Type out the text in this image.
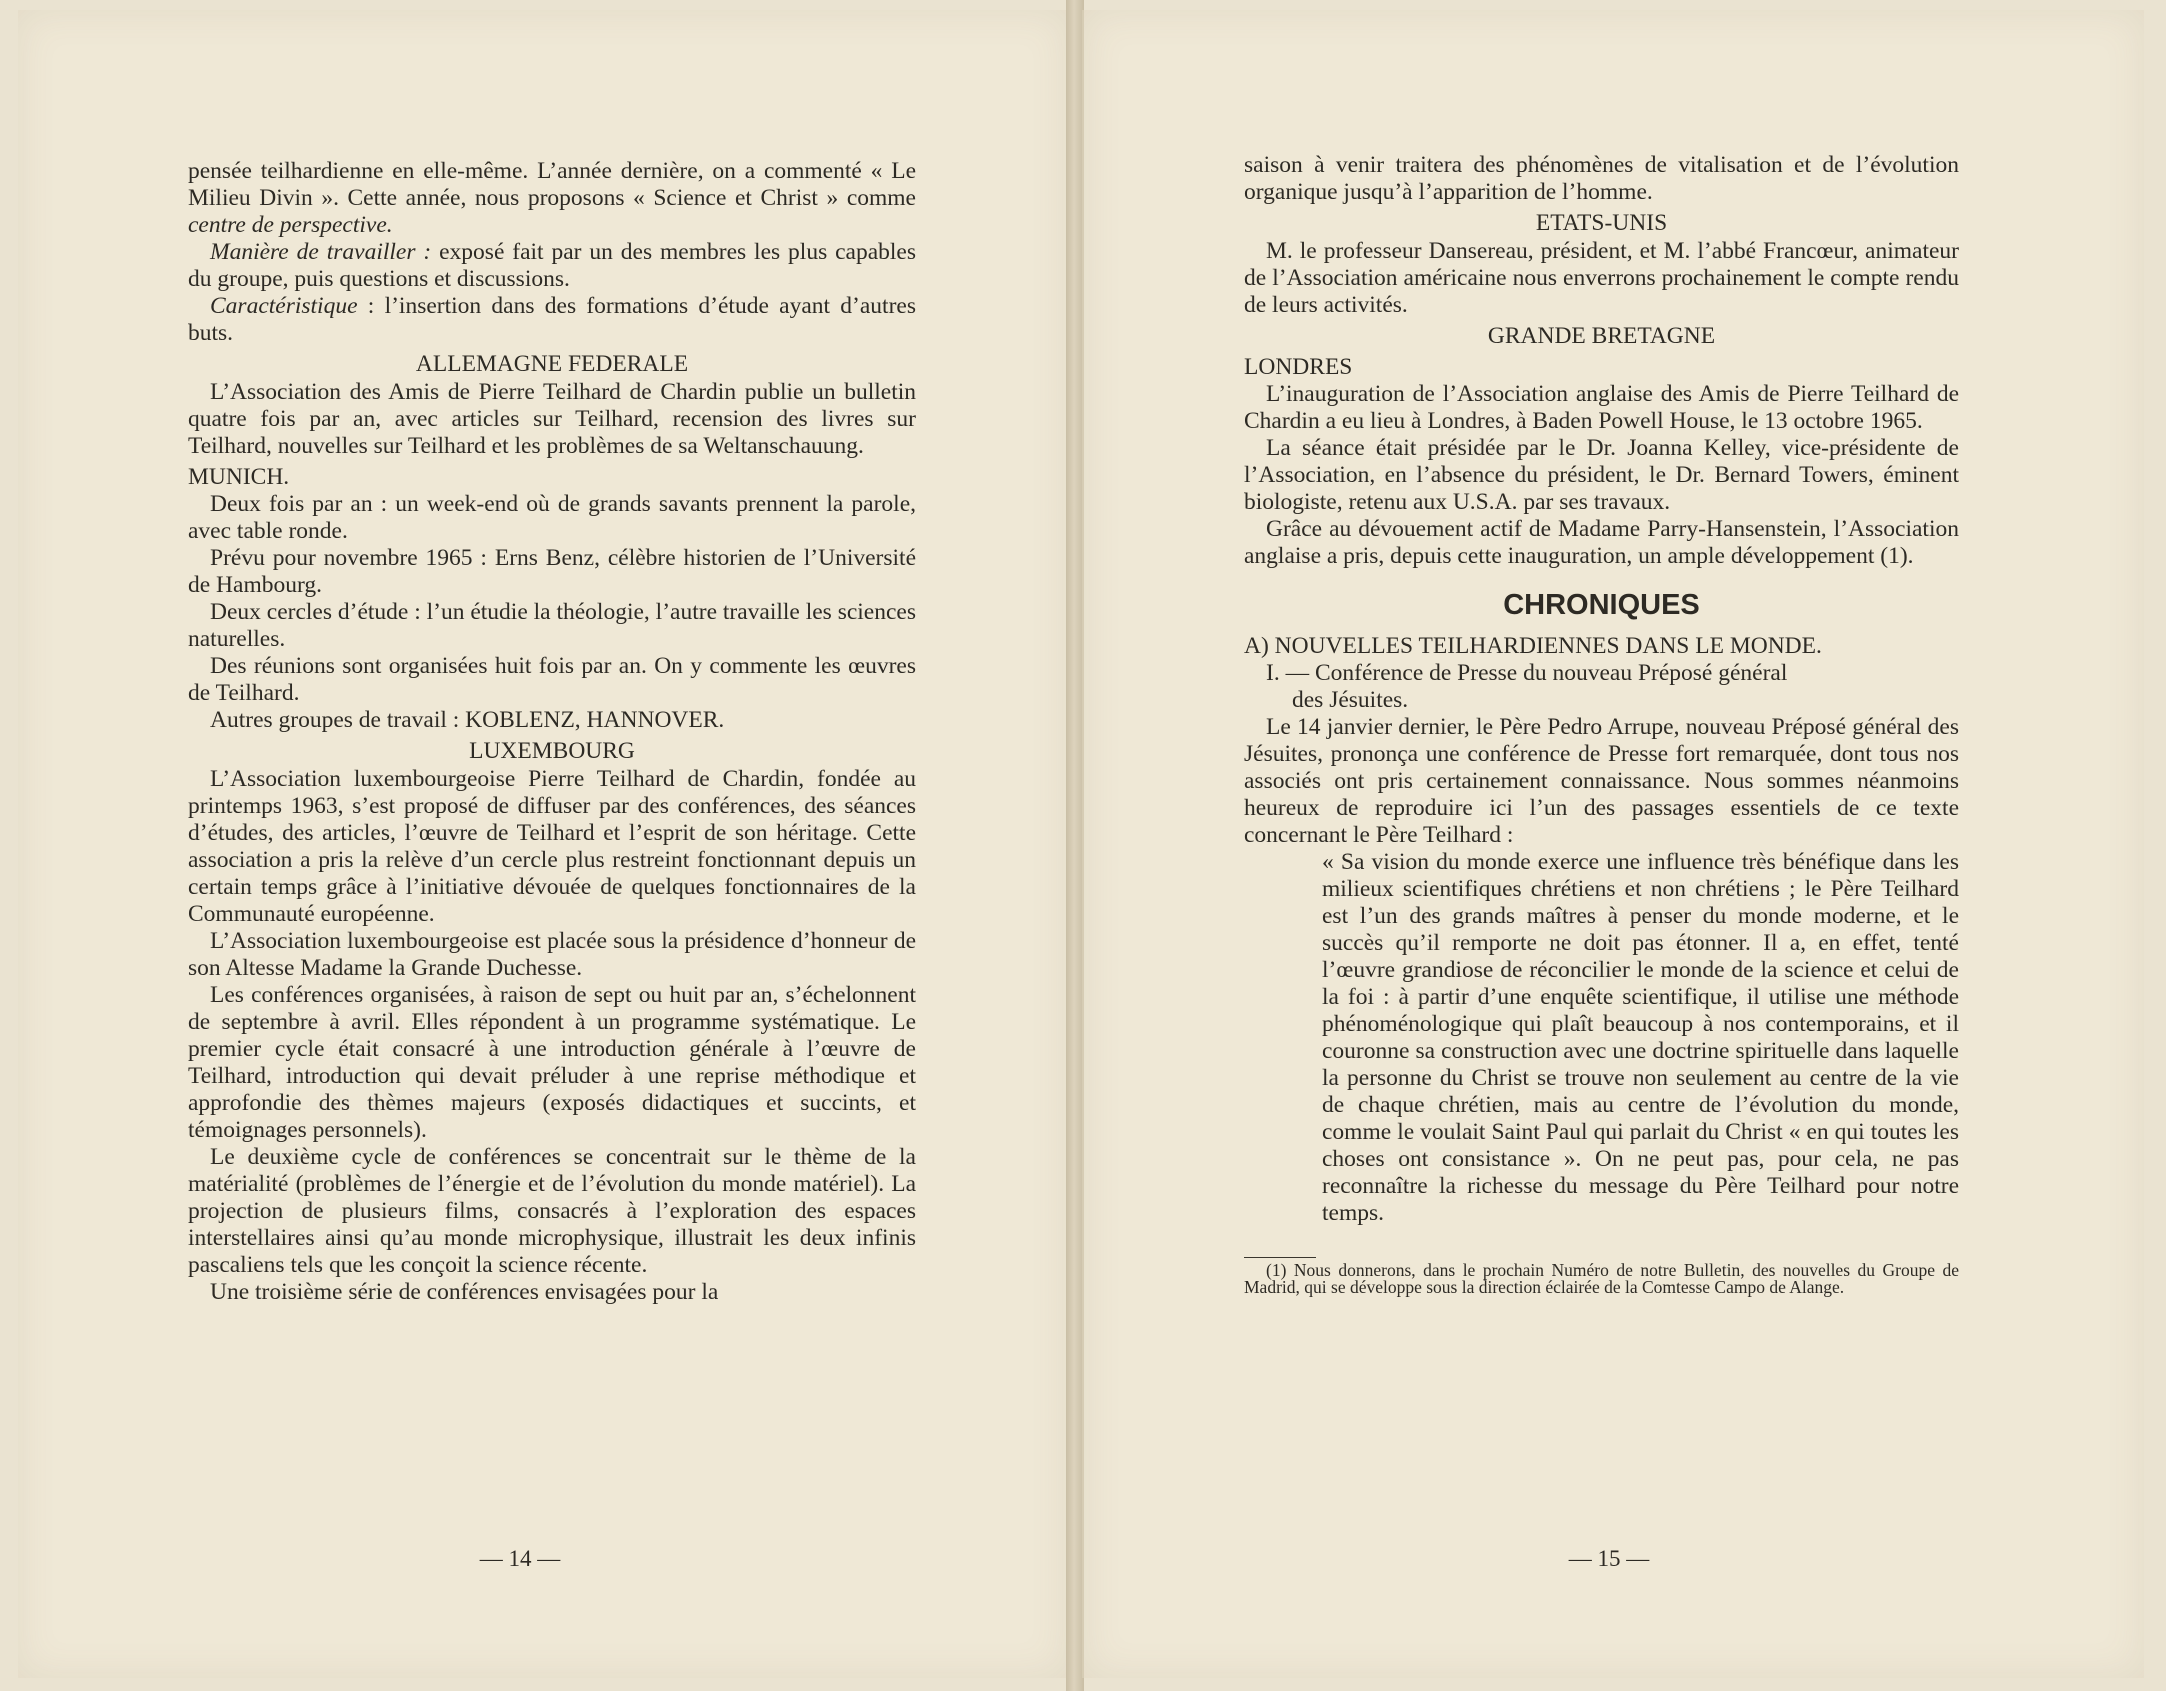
pensée teilhardienne en elle-même. L’année dernière, on a commenté « Le Milieu Divin ». Cette année, nous proposons « Science et Christ » comme centre de perspective.

Manière de travailler : exposé fait par un des membres les plus capables du groupe, puis questions et discussions.

Caractéristique : l’insertion dans des formations d’étude ayant d’autres buts.

ALLEMAGNE FEDERALE

L’Association des Amis de Pierre Teilhard de Chardin publie un bulletin quatre fois par an, avec articles sur Teilhard, recension des livres sur Teilhard, nouvelles sur Teilhard et les problèmes de sa Weltanschauung.

MUNICH.

Deux fois par an : un week-end où de grands savants prennent la parole, avec table ronde.

Prévu pour novembre 1965 : Erns Benz, célèbre historien de l’Université de Hambourg.

Deux cercles d’étude : l’un étudie la théologie, l’autre travaille les sciences naturelles.

Des réunions sont organisées huit fois par an. On y commente les œuvres de Teilhard.

Autres groupes de travail : KOBLENZ, HANNOVER.

LUXEMBOURG

L’Association luxembourgeoise Pierre Teilhard de Chardin, fondée au printemps 1963, s’est proposé de diffuser par des conférences, des séances d’études, des articles, l’œuvre de Teilhard et l’esprit de son héritage. Cette association a pris la relève d’un cercle plus restreint fonctionnant depuis un certain temps grâce à l’initiative dévouée de quelques fonctionnaires de la Communauté européenne.

L’Association luxembourgeoise est placée sous la présidence d’honneur de son Altesse Madame la Grande Duchesse.

Les conférences organisées, à raison de sept ou huit par an, s’échelonnent de septembre à avril. Elles répondent à un programme systématique. Le premier cycle était consacré à une introduction générale à l’œuvre de Teilhard, introduction qui devait préluder à une reprise méthodique et approfondie des thèmes majeurs (exposés didactiques et succints, et témoignages personnels).

Le deuxième cycle de conférences se concentrait sur le thème de la matérialité (problèmes de l’énergie et de l’évolution du monde matériel). La projection de plusieurs films, consacrés à l’exploration des espaces interstellaires ainsi qu’au monde microphysique, illustrait les deux infinis pascaliens tels que les conçoit la science récente.

Une troisième série de conférences envisagées pour la

— 14 —

saison à venir traitera des phénomènes de vitalisation et de l’évolution organique jusqu’à l’apparition de l’homme.

ETATS-UNIS

M. le professeur Dansereau, président, et M. l’abbé Francœur, animateur de l’Association américaine nous enverrons prochainement le compte rendu de leurs activités.

GRANDE BRETAGNE

LONDRES

L’inauguration de l’Association anglaise des Amis de Pierre Teilhard de Chardin a eu lieu à Londres, à Baden Powell House, le 13 octobre 1965.

La séance était présidée par le Dr. Joanna Kelley, vice-présidente de l’Association, en l’absence du président, le Dr. Bernard Towers, éminent biologiste, retenu aux U.S.A. par ses travaux.

Grâce au dévouement actif de Madame Parry-Hansenstein, l’Association anglaise a pris, depuis cette inauguration, un ample développement (1).

CHRONIQUES

A) NOUVELLES TEILHARDIENNES DANS LE MONDE.

I. — Conférence de Presse du nouveau Préposé général
des Jésuites.

Le 14 janvier dernier, le Père Pedro Arrupe, nouveau Préposé général des Jésuites, prononça une conférence de Presse fort remarquée, dont tous nos associés ont pris certainement connaissance. Nous sommes néanmoins heureux de reproduire ici l’un des passages essentiels de ce texte concernant le Père Teilhard :

« Sa vision du monde exerce une influence très bénéfique dans les milieux scientifiques chrétiens et non chrétiens ; le Père Teilhard est l’un des grands maîtres à penser du monde moderne, et le succès qu’il remporte ne doit pas étonner. Il a, en effet, tenté l’œuvre grandiose de réconcilier le monde de la science et celui de la foi : à partir d’une enquête scientifique, il utilise une méthode phénoménologique qui plaît beaucoup à nos contemporains, et il couronne sa construction avec une doctrine spirituelle dans laquelle la personne du Christ se trouve non seulement au centre de la vie de chaque chrétien, mais au centre de l’évolution du monde, comme le voulait Saint Paul qui parlait du Christ « en qui toutes les choses ont consistance ». On ne peut pas, pour cela, ne pas reconnaître la richesse du message du Père Teilhard pour notre temps.

(1) Nous donnerons, dans le prochain Numéro de notre Bulletin, des nouvelles du Groupe de Madrid, qui se développe sous la direction éclairée de la Comtesse Campo de Alange.

— 15 —
